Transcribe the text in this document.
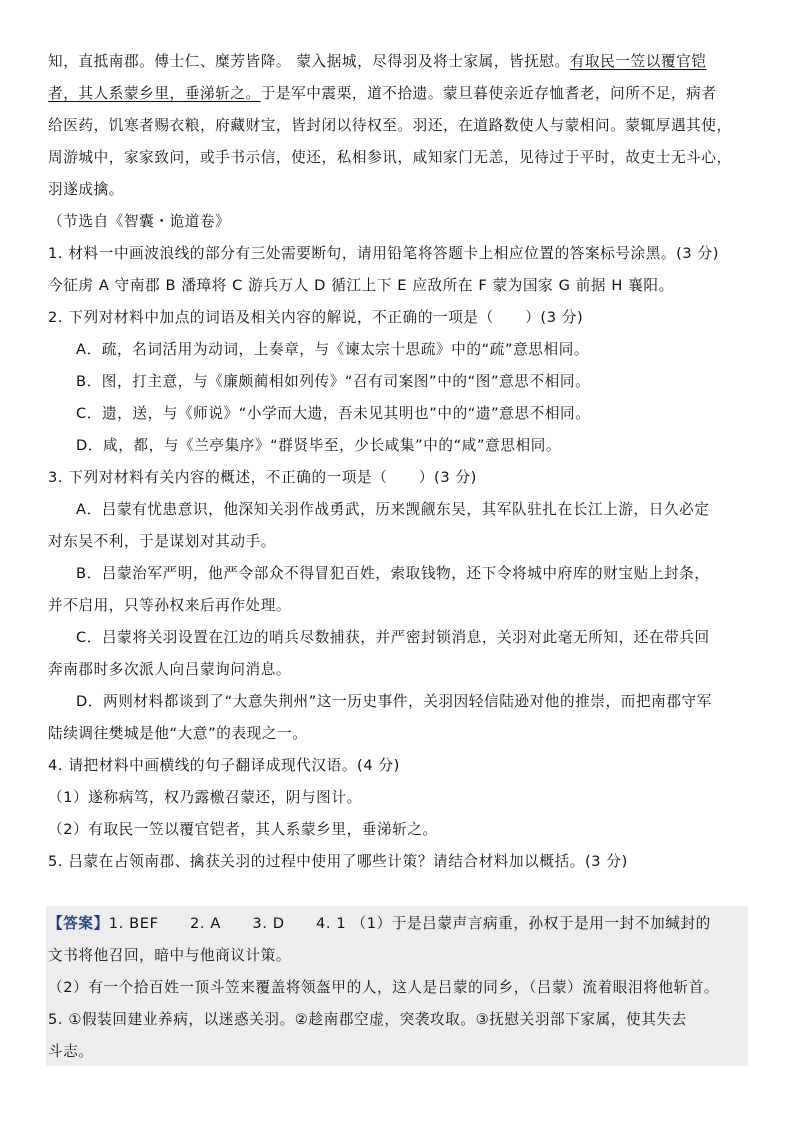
知，直抵南郡。傅士仁、糜芳皆降。 蒙入据城，尽得羽及将士家属，皆抚慰。有取民一笠以覆官铠
者，其人系蒙乡里，垂涕斩之。于是军中震栗，道不拾遗。蒙旦暮使亲近存恤耆老，问所不足，病者
给医药，饥寒者赐衣粮，府藏财宝，皆封闭以待权至。羽还，在道路数使人与蒙相问。蒙辄厚遇其使，
周游城中，家家致问，或手书示信，使还，私相参讯，咸知家门无恙，见待过于平时，故吏士无斗心，
羽遂成擒。
（节选自《智囊・诡道卷》
1. 材料一中画波浪线的部分有三处需要断句，请用铅笔将答题卡上相应位置的答案标号涂黑。(3 分)
今征虏 A 守南郡 B 潘璋将 C 游兵万人 D 循江上下 E 应敌所在 F 蒙为国家 G 前据 H 襄阳。
2. 下列对材料中加点的词语及相关内容的解说，不正确的一项是（      ）(3 分)
A．疏，名词活用为动词，上奏章，与《谏太宗十思疏》中的“疏”意思相同。
B．图，打主意，与《廉颇蔺相如列传》“召有司案图”中的“图”意思不相同。
C．遗，送，与《师说》“小学而大遗，吾未见其明也”中的“遗”意思不相同。
D．咸，都，与《兰亭集序》“群贤毕至，少长咸集”中的“咸”意思相同。
3. 下列对材料有关内容的概述，不正确的一项是（      ）(3 分)
A．吕蒙有忧患意识，他深知关羽作战勇武，历来觊觎东吴，其军队驻扎在长江上游，日久必定
对东吴不利，于是谋划对其动手。
B．吕蒙治军严明，他严令部众不得冒犯百姓，索取钱物，还下令将城中府库的财宝贴上封条，
并不启用，只等孙权来后再作处理。
C．吕蒙将关羽设置在江边的哨兵尽数捕获，并严密封锁消息，关羽对此毫无所知，还在带兵回
奔南郡时多次派人向吕蒙询问消息。
D．两则材料都谈到了“大意失荆州”这一历史事件，关羽因轻信陆逊对他的推崇，而把南郡守军
陆续调往樊城是他“大意”的表现之一。
4. 请把材料中画横线的句子翻译成现代汉语。(4 分)
（1）遂称病笃，权乃露檄召蒙还，阴与图计。
（2）有取民一笠以覆官铠者，其人系蒙乡里，垂涕斩之。
5. 吕蒙在占领南郡、擒获关羽的过程中使用了哪些计策？请结合材料加以概括。(3 分)
【答案】1. BEF      2. A      3. D      4. 1 （1）于是吕蒙声言病重，孙权于是用一封不加缄封的
文书将他召回，暗中与他商议计策。
（2）有一个拾百姓一顶斗笠来覆盖将领盔甲的人，这人是吕蒙的同乡，（吕蒙）流着眼泪将他斩首。
5. ①假装回建业养病，以迷惑关羽。②趁南郡空虚，突袭攻取。③抚慰关羽部下家属，使其失去
斗志。
